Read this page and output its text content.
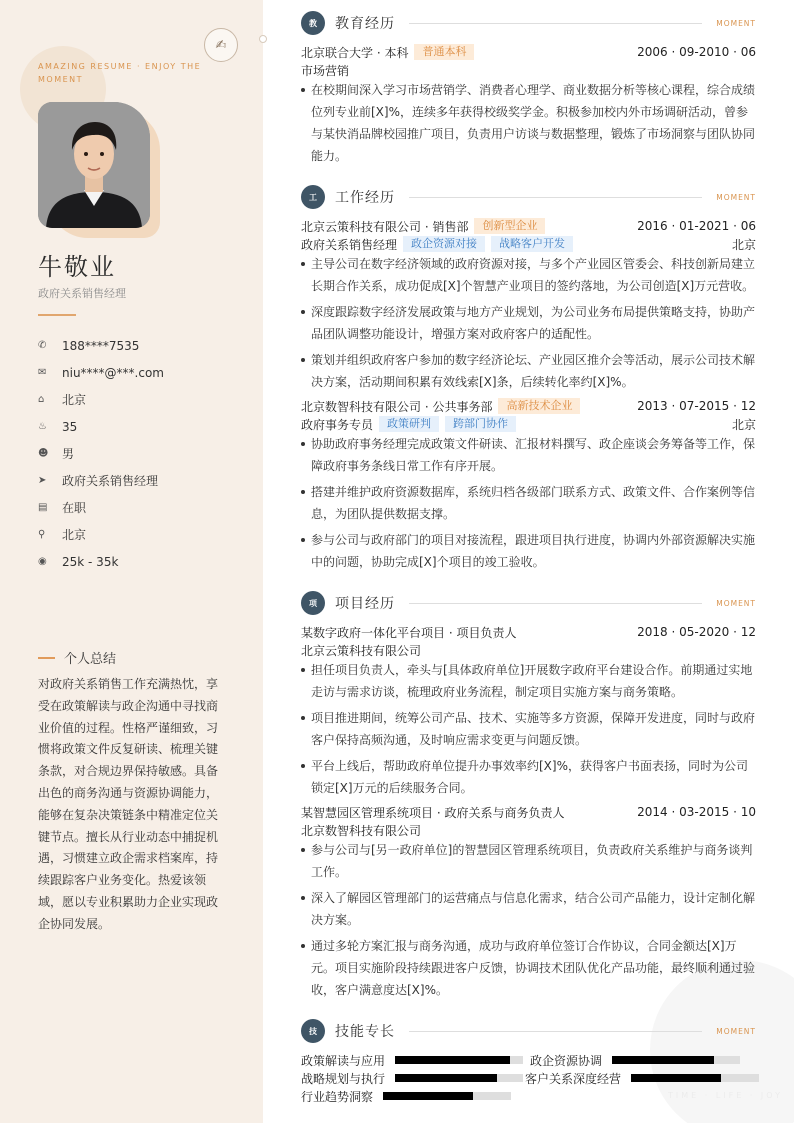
AMAZING RESUME · ENJOY THE MOMENT
牛敬业
政府关系销售经理
✆	188****7535
✉	niu****@***.com
⌂	北京
♨	35
☻	男
➤	政府关系销售经理
▤	在职
⚲	北京
◉	25k - 35k
个人总结
对政府关系销售工作充满热忱，享受在政策解读与政企沟通中寻找商业价值的过程。性格严谨细致，习惯将政策文件反复研读、梳理关键条款，对合规边界保持敏感。具备出色的商务沟通与资源协调能力，能够在复杂决策链条中精准定位关键节点。擅长从行业动态中捕捉机遇，习惯建立政企需求档案库，持续跟踪客户业务变化。热爱该领域，愿以专业积累助力企业实现政企协同发展。
✍
TIME · LIFE · JOY
教	教育经历	MOMENT
北京联合大学 · 本科	普通本科	2006 · 09-2010 · 06
市场营销
在校期间深入学习市场营销学、消费者心理学、商业数据分析等核心课程，综合成绩位列专业前[X]%，连续多年获得校级奖学金。积极参加校内外市场调研活动，曾参与某快消品牌校园推广项目，负责用户访谈与数据整理，锻炼了市场洞察与团队协同能力。
工	工作经历	MOMENT
北京云策科技有限公司 · 销售部	创新型企业	2016 · 01-2021 · 06
政府关系销售经理	政企资源对接	战略客户开发	北京
主导公司在数字经济领域的政府资源对接，与多个产业园区管委会、科技创新局建立长期合作关系，成功促成[X]个智慧产业项目的签约落地，为公司创造[X]万元营收。
深度跟踪数字经济发展政策与地方产业规划，为公司业务布局提供策略支持，协助产品团队调整功能设计，增强方案对政府客户的适配性。
策划并组织政府客户参加的数字经济论坛、产业园区推介会等活动，展示公司技术解决方案，活动期间积累有效线索[X]条，后续转化率约[X]%。
北京数智科技有限公司 · 公共事务部	高新技术企业	2013 · 07-2015 · 12
政府事务专员	政策研判	跨部门协作	北京
协助政府事务经理完成政策文件研读、汇报材料撰写、政企座谈会务筹备等工作，保障政府事务条线日常工作有序开展。
搭建并维护政府资源数据库，系统归档各级部门联系方式、政策文件、合作案例等信息，为团队提供数据支撑。
参与公司与政府部门的项目对接流程，跟进项目执行进度，协调内外部资源解决实施中的问题，协助完成[X]个项目的竣工验收。
项	项目经历	MOMENT
某数字政府一体化平台项目 · 项目负责人	2018 · 05-2020 · 12
北京云策科技有限公司
担任项目负责人，牵头与[具体政府单位]开展数字政府平台建设合作。前期通过实地走访与需求访谈，梳理政府业务流程，制定项目实施方案与商务策略。
项目推进期间，统筹公司产品、技术、实施等多方资源，保障开发进度，同时与政府客户保持高频沟通，及时响应需求变更与问题反馈。
平台上线后，帮助政府单位提升办事效率约[X]%，获得客户书面表扬，同时为公司锁定[X]万元的后续服务合同。
某智慧园区管理系统项目 · 政府关系与商务负责人	2014 · 03-2015 · 10
北京数智科技有限公司
参与公司与[另一政府单位]的智慧园区管理系统项目，负责政府关系维护与商务谈判工作。
深入了解园区管理部门的运营痛点与信息化需求，结合公司产品能力，设计定制化解决方案。
通过多轮方案汇报与商务沟通，成功与政府单位签订合作协议，合同金额达[X]万元。项目实施阶段持续跟进客户反馈，协调技术团队优化产品功能，最终顺利通过验收，客户满意度达[X]%。
技	技能专长	MOMENT
政策解读与应用	政企资源协调
战略规划与执行	客户关系深度经营
行业趋势洞察
